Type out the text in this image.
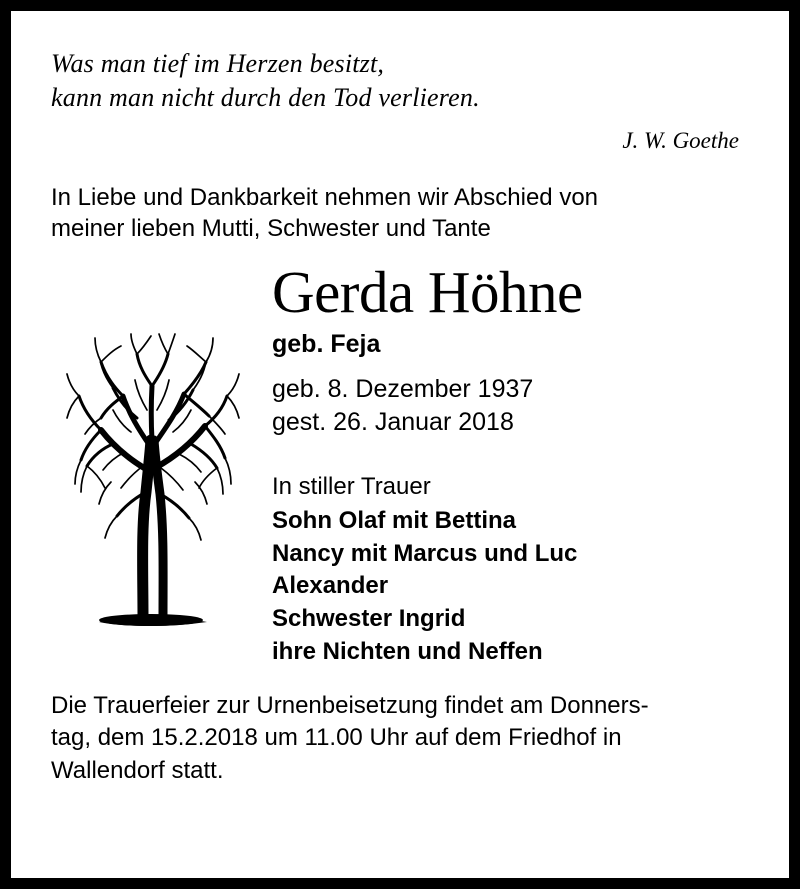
Was man tief im Herzen besitzt,
kann man nicht durch den Tod verlieren.
J. W. Goethe
In Liebe und Dankbarkeit nehmen wir Abschied von
meiner lieben Mutti, Schwester und Tante
Gerda Höhne
geb. Feja
geb. 8. Dezember 1937
gest. 26. Januar 2018
In stiller Trauer
Sohn Olaf mit Bettina
Nancy mit Marcus und Luc
Alexander
Schwester Ingrid
ihre Nichten und Neffen
Die Trauerfeier zur Urnenbeisetzung findet am Donners-
tag, dem 15.2.2018 um 11.00 Uhr auf dem Friedhof in
Wallendorf statt.
